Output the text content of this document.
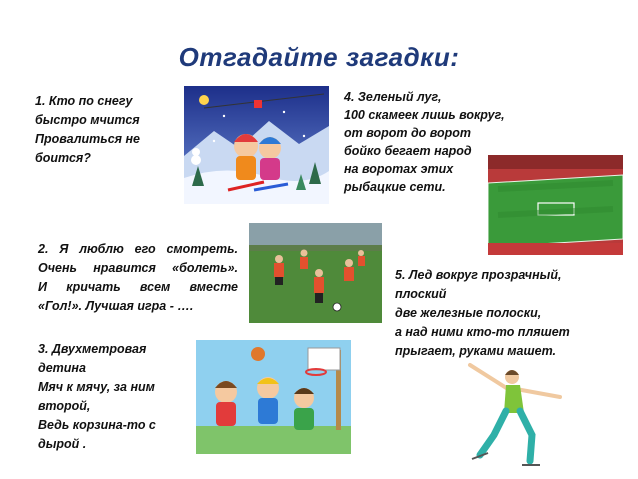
Отгадайте загадки:

1. Кто по снегу
быстро мчится
Провалиться не
боится?

2. Я люблю его смотреть.
Очень нравится «болеть».
И кричать всем вместе
«Гол!». Лучшая игра - ….

3. Двухметровая
детина
Мяч к мячу, за ним
второй,
Ведь корзина-то с
дырой .

4. Зеленый луг,
100 скамеек лишь вокруг,
от ворот до ворот
бойко бегает народ
на воротах этих
рыбацкие сети.

5. Лед вокруг прозрачный,
плоский
две железные полоски,
а над ними кто-то пляшет
прыгает, руками машет.
